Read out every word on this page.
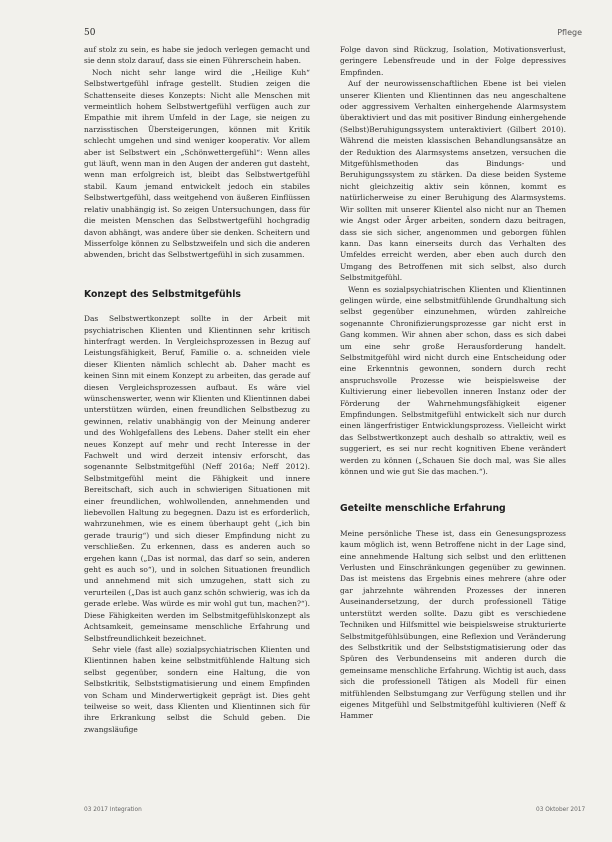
50	Pflege

auf stolz zu sein, es habe sie jedoch verlegen gemacht und sie denn stolz darauf, dass sie einen Führerschein haben.

Noch nicht sehr lange wird die „Heilige Kuh“ Selbstwertgefühl infrage gestellt. Studien zeigen die Schattenseite dieses Konzepts: Nicht alle Menschen mit vermeintlich hohem Selbstwertgefühl verfügen auch zur Empathie mit ihrem Umfeld in der Lage, sie neigen zu narzisstischen Übersteigerungen, können mit Kritik schlecht umgehen und sind weniger kooperativ. Vor allem aber ist Selbstwert ein „Schönwettergefühl“: Wenn alles gut läuft, wenn man in den Augen der anderen gut dasteht, wenn man erfolgreich ist, bleibt das Selbstwertgefühl stabil. Kaum jemand entwickelt jedoch ein stabiles Selbstwertgefühl, dass weitgehend von äußeren Einflüssen relativ unabhängig ist. So zeigen Untersuchungen, dass für die meisten Menschen das Selbstwertgefühl hochgradig davon abhängt, was andere über sie denken. Scheitern und Misserfolge können zu Selbstzweifeln und sich die anderen abwenden, bricht das Selbstwertgefühl in sich zusammen.

Konzept des Selbstmitgefühls

Das Selbstwertkonzept sollte in der Arbeit mit psychiatrischen Klienten und Klientinnen sehr kritisch hinterfragt werden. In Vergleichsprozessen in Bezug auf Leistungsfähigkeit, Beruf, Familie o. a. schneiden viele dieser Klienten nämlich schlecht ab. Daher macht es keinen Sinn mit einem Konzept zu arbeiten, das gerade auf diesen Vergleichsprozessen aufbaut. Es wäre viel wünschenswerter, wenn wir Klienten und Klientinnen dabei unterstützen würden, einen freundlichen Selbstbezug zu gewinnen, relativ unabhängig von der Meinung anderer und des Wohlgefallens des Lebens. Daher stellt ein eher neues Konzept auf mehr und recht Interesse in der Fachwelt und wird derzeit intensiv erforscht, das sogenannte Selbstmitgefühl (Neff 2016a; Neff 2012). Selbstmitgefühl meint die Fähigkeit und innere Bereitschaft, sich auch in schwierigen Situationen mit einer freundlichen, wohlwollenden, annehmenden und liebevollen Haltung zu begegnen. Dazu ist es erforderlich, wahrzunehmen, wie es einem überhaupt geht („ich bin gerade traurig“) und sich dieser Empfindung nicht zu verschließen. Zu erkennen, dass es anderen auch so ergehen kann („Das ist normal, das darf so sein, anderen geht es auch so“), und in solchen Situationen freundlich und annehmend mit sich umzugehen, statt sich zu verurteilen („Das ist auch ganz schön schwierig, was ich da gerade erlebe. Was würde es mir wohl gut tun, machen?“). Diese Fähigkeiten werden im Selbstmitgefühlskonzept als Achtsamkeit, gemeinsame menschliche Erfahrung und Selbstfreundlichkeit bezeichnet.

Sehr viele (fast alle) sozialpsychiatrischen Klienten und Klientinnen haben keine selbstmitfühlende Haltung sich selbst gegenüber, sondern eine Haltung, die von Selbstkritik, Selbststigmatisierung und einem Empfinden von Scham und Minderwertigkeit geprägt ist. Dies geht teilweise so weit, dass Klienten und Klientinnen sich für ihre Erkrankung selbst die Schuld geben. Die zwangsläufige

Folge davon sind Rückzug, Isolation, Motivationsverlust, geringere Lebensfreude und in der Folge depressives Empfinden.

Auf der neurowissenschaftlichen Ebene ist bei vielen unserer Klienten und Klientinnen das neu angeschaltene oder aggressivem Verhalten einhergehende Alarmsystem überaktiviert und das mit positiver Bindung einhergehende (Selbst)Beruhigungssystem unteraktiviert (Gilbert 2010). Während die meisten klassischen Behandlungsansätze an der Reduktion des Alarmsystems ansetzen, versuchen die Mitgefühlsmethoden das Bindungs- und Beruhigungssystem zu stärken. Da diese beiden Systeme nicht gleichzeitig aktiv sein können, kommt es natürlicherweise zu einer Beruhigung des Alarmsystems. Wir sollten mit unserer Klientel also nicht nur an Themen wie Angst oder Ärger arbeiten, sondern dazu beitragen, dass sie sich sicher, angenommen und geborgen fühlen kann. Das kann einerseits durch das Verhalten des Umfeldes erreicht werden, aber eben auch durch den Umgang des Betroffenen mit sich selbst, also durch Selbstmitgefühl.

Wenn es sozialpsychiatrischen Klienten und Klientinnen gelingen würde, eine selbstmitfühlende Grundhaltung sich selbst gegenüber einzunehmen, würden zahlreiche sogenannte Chronifizierungsprozesse gar nicht erst in Gang kommen. Wir ahnen aber schon, dass es sich dabei um eine sehr große Herausforderung handelt. Selbstmitgefühl wird nicht durch eine Entscheidung oder eine Erkenntnis gewonnen, sondern durch recht anspruchsvolle Prozesse wie beispielsweise der Kultivierung einer liebevollen inneren Instanz oder der Förderung der Wahrnehmungsfähigkeit eigener Empfindungen. Selbstmitgefühl entwickelt sich nur durch einen längerfristiger Entwicklungsprozess. Vielleicht wirkt das Selbstwertkonzept auch deshalb so attraktiv, weil es suggeriert, es sei nur recht kognitiven Ebene verändert werden zu können („Schauen Sie doch mal, was Sie alles können und wie gut Sie das machen.“).

Geteilte menschliche Erfahrung

Meine persönliche These ist, dass ein Genesungsprozess kaum möglich ist, wenn Betroffene nicht in der Lage sind, eine annehmende Haltung sich selbst und den erlittenen Verlusten und Einschränkungen gegenüber zu gewinnen. Das ist meistens das Ergebnis eines mehrere (ahre oder gar jahrzehnte währenden Prozesses der inneren Auseinandersetzung, der durch professionell Tätige unterstützt werden sollte. Dazu gibt es verschiedene Techniken und Hilfsmittel wie beispielsweise strukturierte Selbstmitgefühlsübungen, eine Reflexion und Veränderung des Selbstkritik und der Selbststigmatisierung oder das Spüren des Verbundenseins mit anderen durch die gemeinsame menschliche Erfahrung. Wichtig ist auch, dass sich die professionell Tätigen als Modell für einen mitfühlenden Selbstumgang zur Verfügung stellen und ihr eigenes Mitgefühl und Selbstmitgefühl kultivieren (Neff & Hammer

03 2017 Integration	03 Oktober 2017
